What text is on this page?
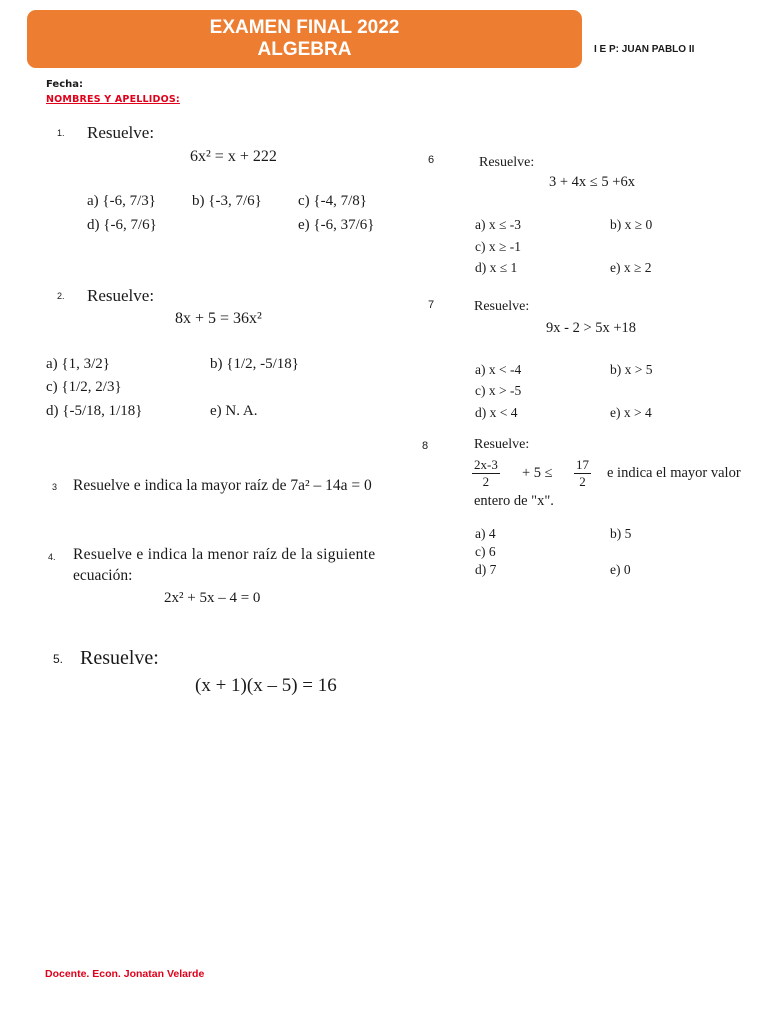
EXAMEN FINAL 2022
ALGEBRA	I E P: JUAN PABLO II
Fecha:
NOMBRES Y APELLIDOS:
1. Resuelve:
6x² = x + 222
a) {-6, 7/3} b) {-3, 7/6} c) {-4, 7/8}
d) {-6, 7/6}	e) {-6, 37/6}
2. Resuelve:
8x + 5 = 36x²
a) {1, 3/2}	b) {1/2, -5/18}
c) {1/2, 2/3}
d) {-5/18, 1/18}	e) N. A.
3 Resuelve e indica la mayor raíz de 7a² – 14a = 0
4. Resuelve e indica la menor raíz de la siguiente
ecuación:
2x² + 5x – 4 = 0
5. Resuelve:
(x + 1)(x – 5) = 16
6	Resuelve:
3 + 4x ≤ 5 +6x
a) x ≤ -3	b) x ≥ 0
c) x ≥ -1
d) x ≤ 1	e) x ≥ 2
7	Resuelve:
9x - 2 > 5x +18
a) x < -4	b) x > 5
c) x > -5
d) x < 4	e) x > 4
8	Resuelve:
$\frac{2x-3}{2} + 5 \le \frac{17}{2}$ e indica el mayor valor
entero de "x".
a) 4	b) 5
c) 6
d) 7	e) 0
Docente. Econ. Jonatan Velarde
